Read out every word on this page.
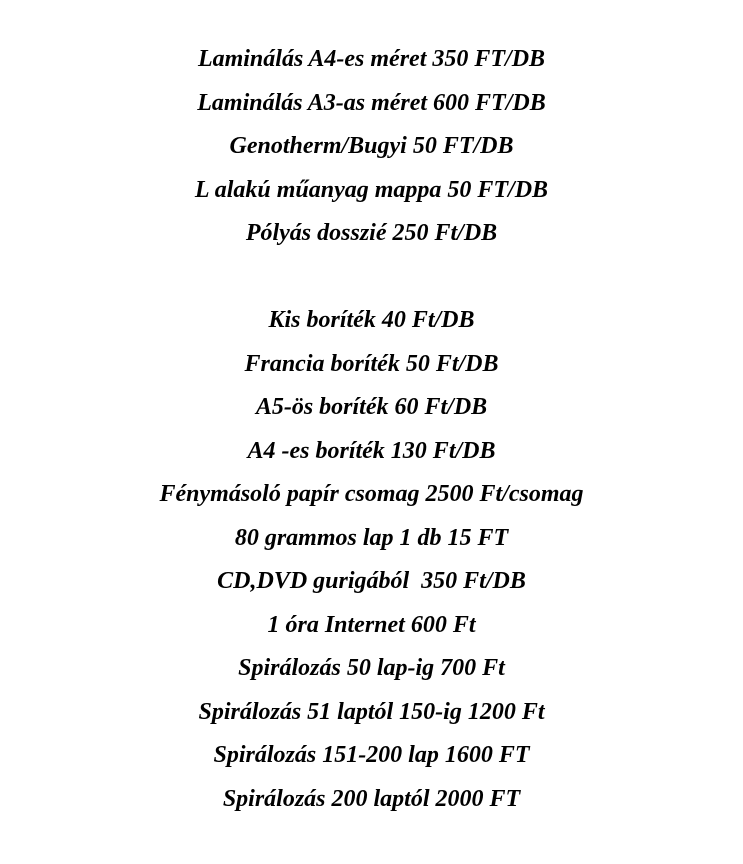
Laminálás A4-es méret 350 FT/DB
Laminálás A3-as méret 600 FT/DB
Genotherm/Bugyi 50 FT/DB
L alakú műanyag mappa 50 FT/DB
Pólyás dosszié 250 Ft/DB
Kis boríték 40 Ft/DB
Francia boríték 50 Ft/DB
A5-ös boríték 60 Ft/DB
A4 -es boríték 130 Ft/DB
Fénymásoló papír csomag 2500 Ft/csomag
80 grammos lap 1 db 15 FT
CD,DVD gurigából  350 Ft/DB
1 óra Internet 600 Ft
Spirálozás 50 lap-ig 700 Ft
Spirálozás 51 laptól 150-ig 1200 Ft
Spirálozás 151-200 lap 1600 FT
Spirálozás 200 laptól 2000 FT
